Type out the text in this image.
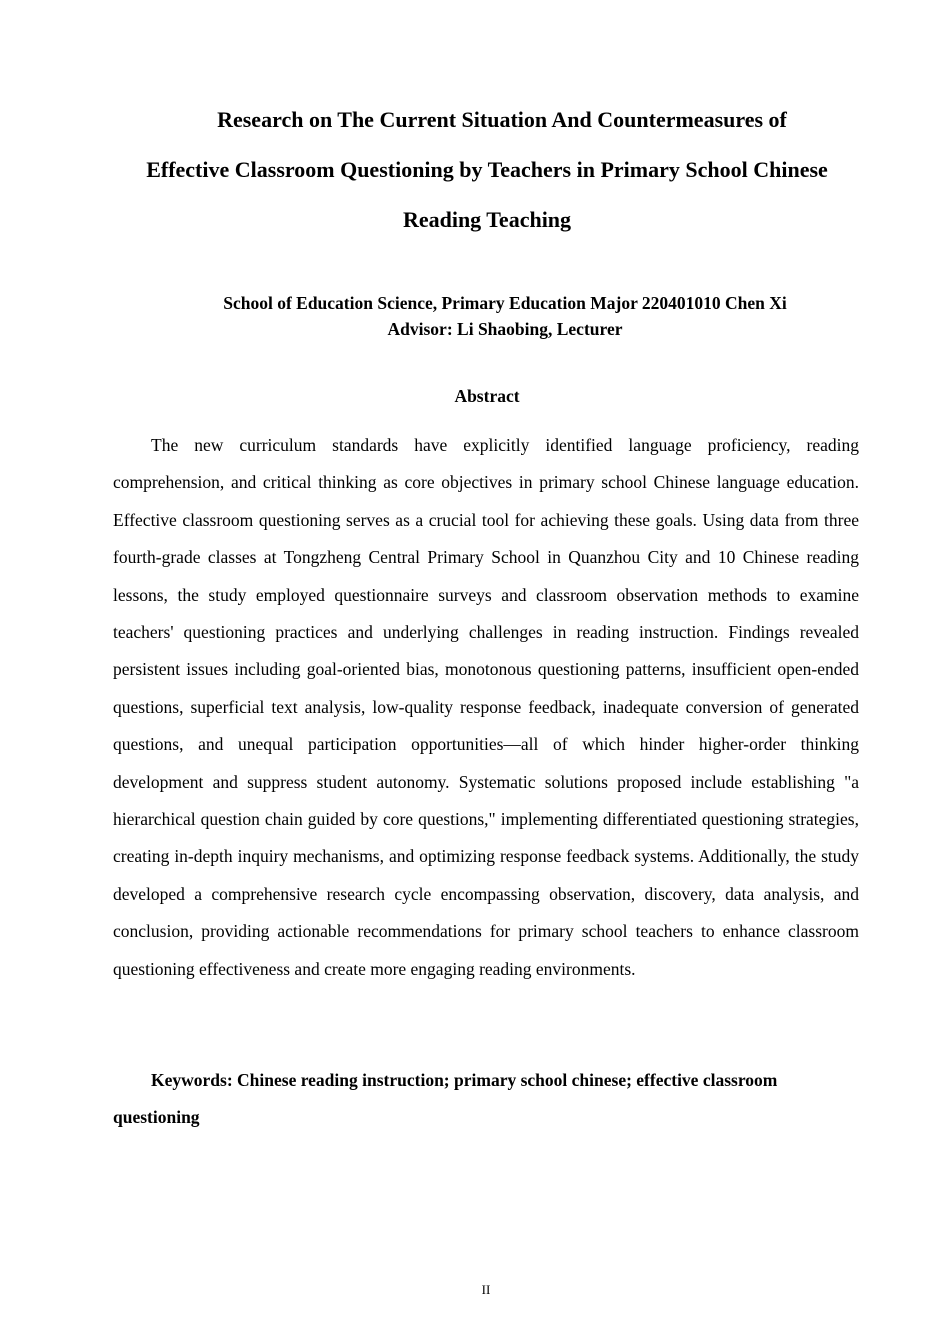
Research on The Current Situation And Countermeasures of
Effective Classroom Questioning by Teachers in Primary School Chinese
Reading Teaching
School of Education Science, Primary Education Major 220401010 Chen Xi
Advisor: Li Shaobing, Lecturer
Abstract

The new curriculum standards have explicitly identified language proficiency, reading comprehension, and critical thinking as core objectives in primary school Chinese language education. Effective classroom questioning serves as a crucial tool for achieving these goals. Using data from three fourth-grade classes at Tongzheng Central Primary School in Quanzhou City and 10 Chinese reading lessons, the study employed questionnaire surveys and classroom observation methods to examine teachers' questioning practices and underlying challenges in reading instruction. Findings revealed persistent issues including goal-oriented bias, monotonous questioning patterns, insufficient open-ended questions, superficial text analysis, low-quality response feedback, inadequate conversion of generated questions, and unequal participation opportunities—all of which hinder higher-order thinking development and suppress student autonomy. Systematic solutions proposed include establishing "a hierarchical question chain guided by core questions," implementing differentiated questioning strategies, creating in-depth inquiry mechanisms, and optimizing response feedback systems. Additionally, the study developed a comprehensive research cycle encompassing observation, discovery, data analysis, and conclusion, providing actionable recommendations for primary school teachers to enhance classroom questioning effectiveness and create more engaging reading environments.

Keywords: Chinese reading instruction; primary school chinese; effective classroom questioning

II
